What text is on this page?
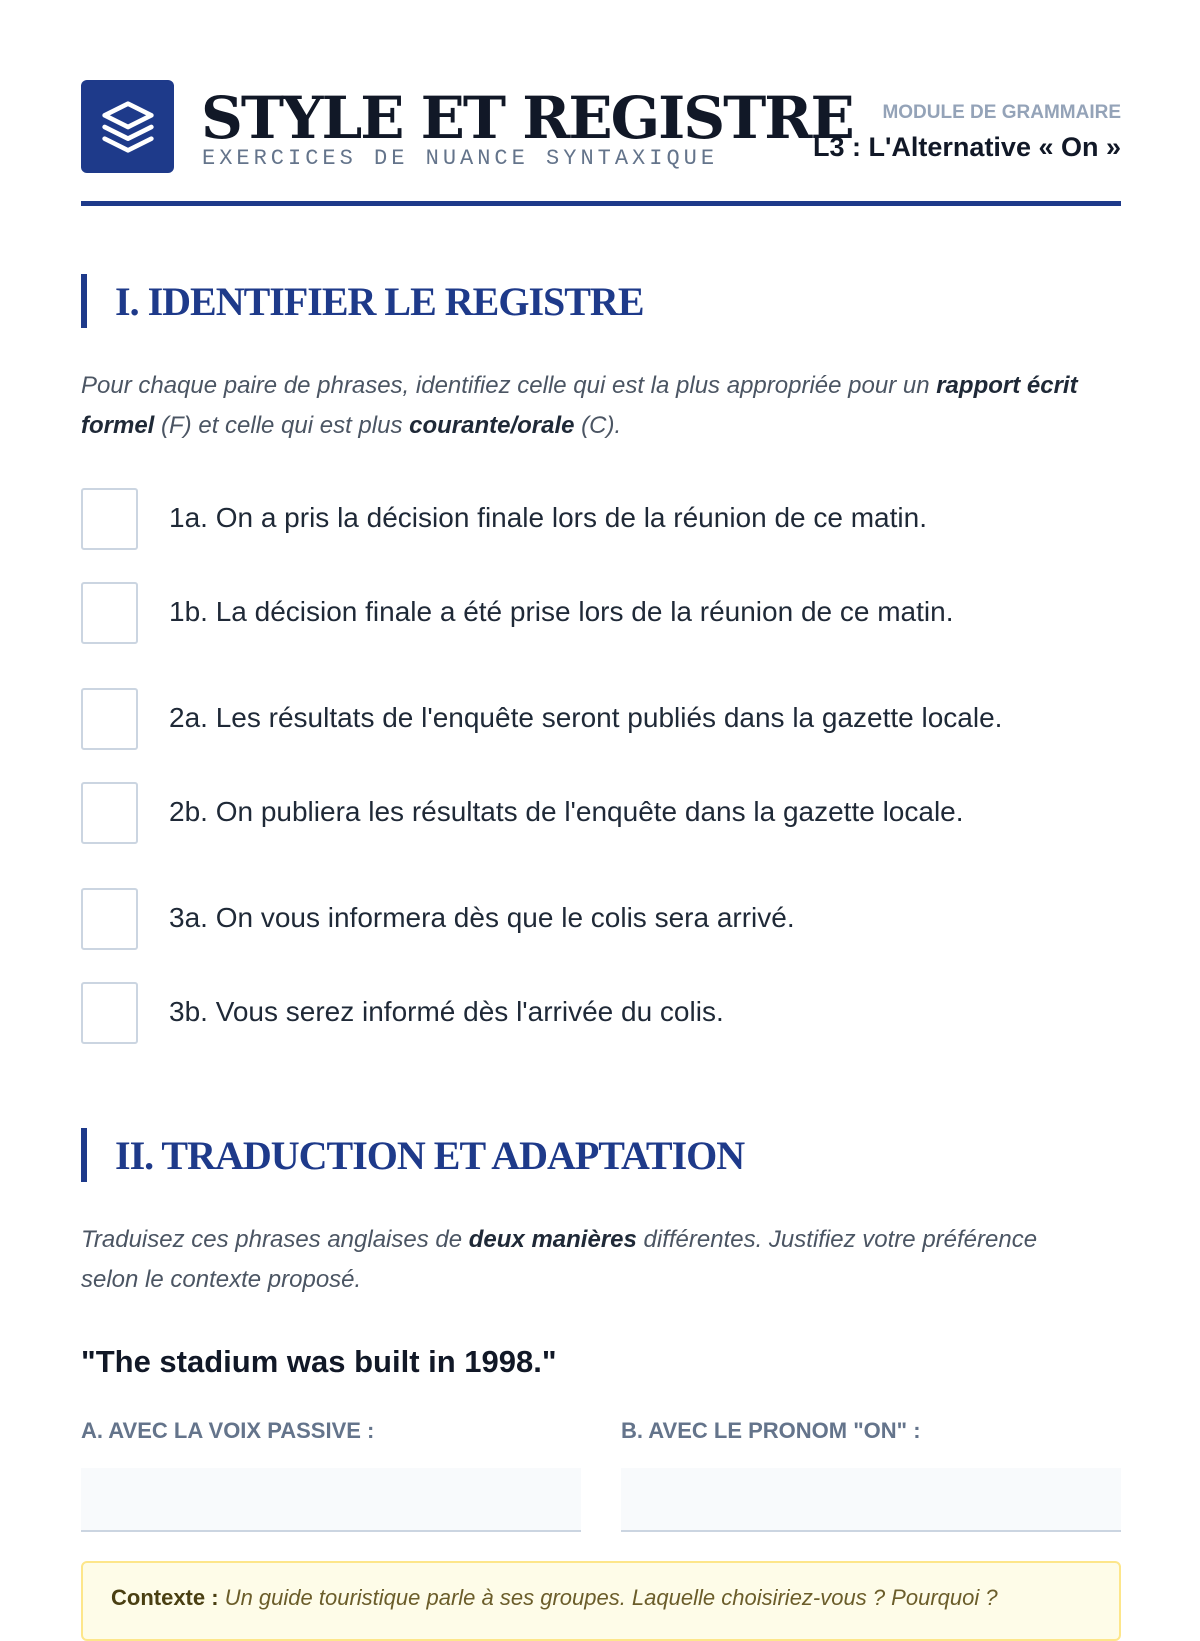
STYLE ET REGISTRE
EXERCICES DE NUANCE SYNTAXIQUE
MODULE DE GRAMMAIRE
L3 : L'Alternative « On »
I. IDENTIFIER LE REGISTRE
Pour chaque paire de phrases, identifiez celle qui est la plus appropriée pour un rapport écrit formel (F) et celle qui est plus courante/orale (C).
1a. On a pris la décision finale lors de la réunion de ce matin.
1b. La décision finale a été prise lors de la réunion de ce matin.
2a. Les résultats de l'enquête seront publiés dans la gazette locale.
2b. On publiera les résultats de l'enquête dans la gazette locale.
3a. On vous informera dès que le colis sera arrivé.
3b. Vous serez informé dès l'arrivée du colis.
II. TRADUCTION ET ADAPTATION
Traduisez ces phrases anglaises de deux manières différentes. Justifiez votre préférence selon le contexte proposé.
"The stadium was built in 1998."
A. AVEC LA VOIX PASSIVE :	B. AVEC LE PRONOM "ON" :
Contexte : Un guide touristique parle à ses groupes. Laquelle choisiriez-vous ? Pourquoi ?
